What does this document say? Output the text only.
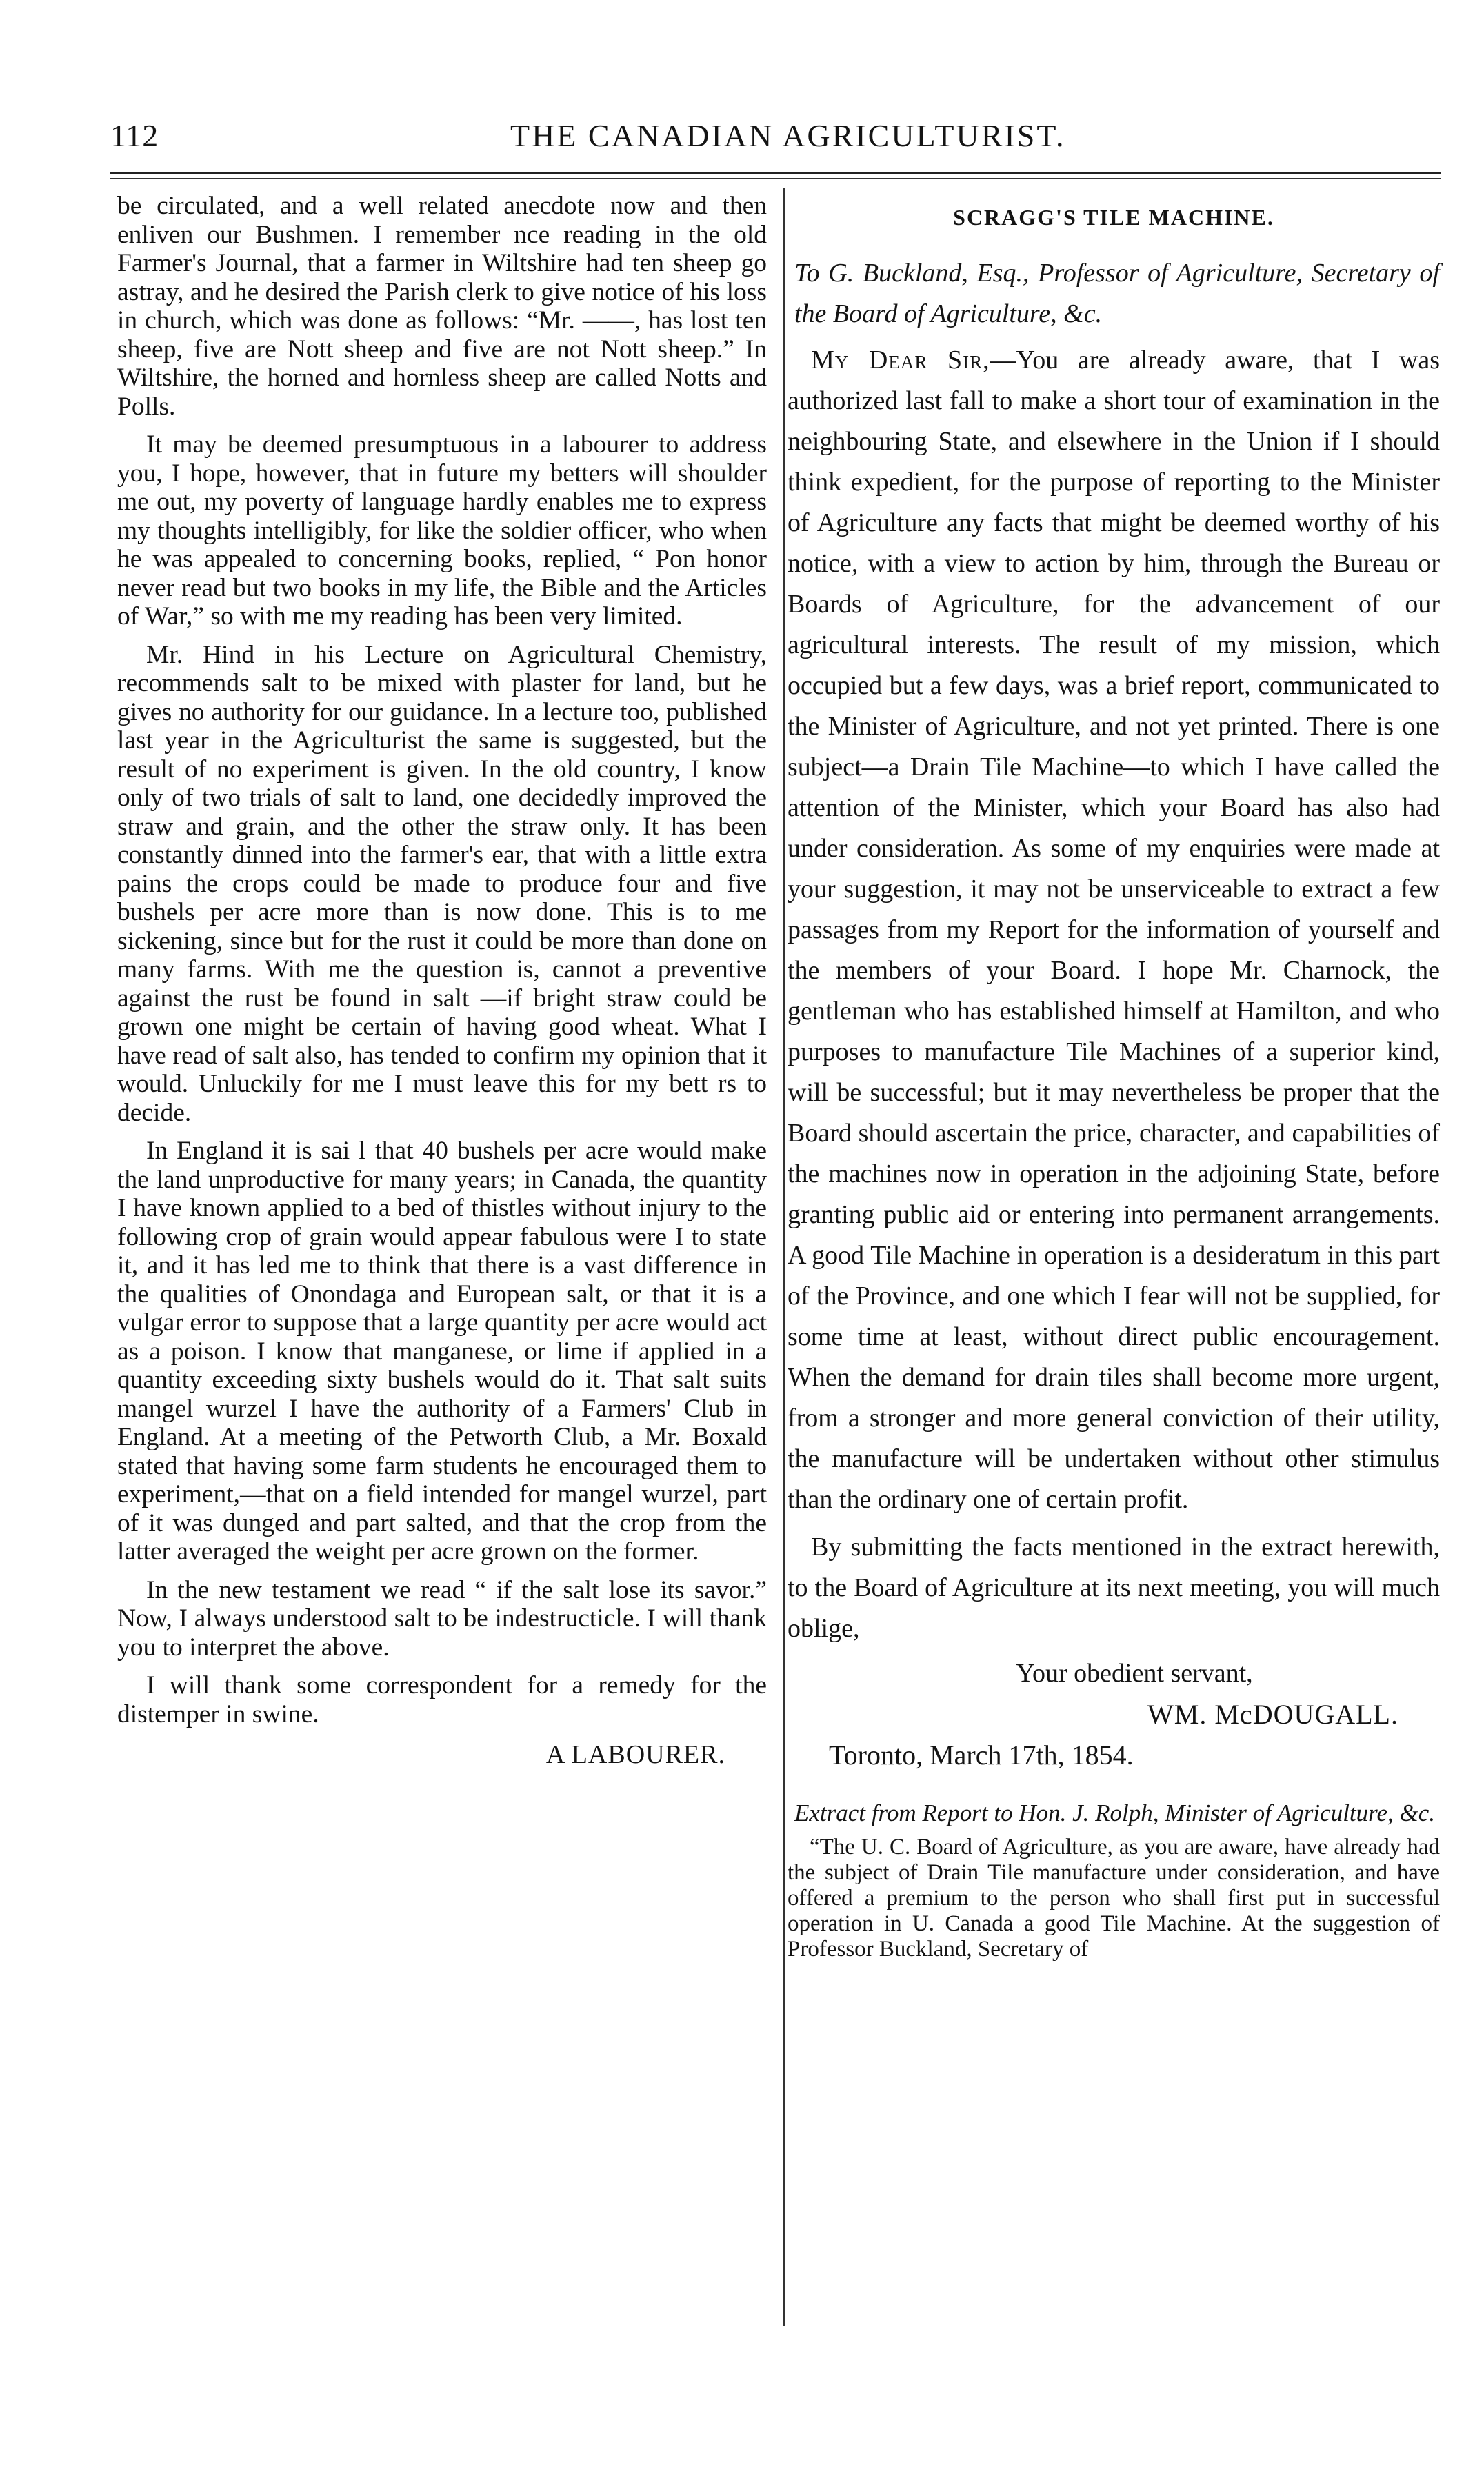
112	THE CANADIAN AGRICULTURIST.

be circulated, and a well related anecdote now and then enliven our Bushmen. I remember nce reading in the old Farmer's Journal, that a farmer in Wiltshire had ten sheep go astray, and he desired the Parish clerk to give notice of his loss in church, which was done as follows: “Mr. ——, has lost ten sheep, five are Nott sheep and five are not Nott sheep.” In Wiltshire, the horned and hornless sheep are called Notts and Polls.

It may be deemed presumptuous in a labourer to address you, I hope, however, that in future my betters will shoulder me out, my poverty of language hardly enables me to express my thoughts intelligibly, for like the soldier officer, who when he was appealed to concerning books, replied, “ Pon honor never read but two books in my life, the Bible and the Articles of War,” so with me my reading has been very limited.

Mr. Hind in his Lecture on Agricultural Chemistry, recommends salt to be mixed with plaster for land, but he gives no authority for our guidance. In a lecture too, published last year in the Agriculturist the same is suggested, but the result of no experiment is given. In the old country, I know only of two trials of salt to land, one decidedly improved the straw and grain, and the other the straw only. It has been constantly dinned into the farmer's ear, that with a little extra pains the crops could be made to produce four and five bushels per acre more than is now done. This is to me sickening, since but for the rust it could be more than done on many farms. With me the question is, cannot a preventive against the rust be found in salt —if bright straw could be grown one might be certain of having good wheat. What I have read of salt also, has tended to confirm my opinion that it would. Unluckily for me I must leave this for my bett rs to decide.

In England it is sai l that 40 bushels per acre would make the land unproductive for many years; in Canada, the quantity I have known applied to a bed of thistles without injury to the following crop of grain would appear fabulous were I to state it, and it has led me to think that there is a vast difference in the qualities of Onondaga and European salt, or that it is a vulgar error to suppose that a large quantity per acre would act as a poison. I know that manganese, or lime if applied in a quantity exceeding sixty bushels would do it. That salt suits mangel wurzel I have the authority of a Farmers' Club in England. At a meeting of the Petworth Club, a Mr. Boxald stated that having some farm students he encouraged them to experiment,—that on a field intended for mangel wurzel, part of it was dunged and part salted, and that the crop from the latter averaged the weight per acre grown on the former.

In the new testament we read “ if the salt lose its savor.” Now, I always understood salt to be indestructicle. I will thank you to interpret the above.

I will thank some correspondent for a remedy for the distemper in swine.

A LABOURER.
SCRAGG'S TILE MACHINE.

To G. Buckland, Esq., Professor of Agriculture, Secretary of the Board of Agriculture, &c.

My Dear Sir,—You are already aware, that I was authorized last fall to make a short tour of examination in the neighbouring State, and elsewhere in the Union if I should think expedient, for the purpose of reporting to the Minister of Agriculture any facts that might be deemed worthy of his notice, with a view to action by him, through the Bureau or Boards of Agriculture, for the advancement of our agricultural interests. The result of my mission, which occupied but a few days, was a brief report, communicated to the Minister of Agriculture, and not yet printed. There is one subject—a Drain Tile Machine—to which I have called the attention of the Minister, which your Board has also had under consideration. As some of my enquiries were made at your suggestion, it may not be unserviceable to extract a few passages from my Report for the information of yourself and the members of your Board. I hope Mr. Charnock, the gentleman who has established himself at Hamilton, and who purposes to manufacture Tile Machines of a superior kind, will be successful; but it may nevertheless be proper that the Board should ascertain the price, character, and capabilities of the machines now in operation in the adjoining State, before granting public aid or entering into permanent arrangements. A good Tile Machine in operation is a desideratum in this part of the Province, and one which I fear will not be supplied, for some time at least, without direct public encouragement. When the demand for drain tiles shall become more urgent, from a stronger and more general conviction of their utility, the manufacture will be undertaken without other stimulus than the ordinary one of certain profit.

By submitting the facts mentioned in the extract herewith, to the Board of Agriculture at its next meeting, you will much oblige,

Your obedient servant,
WM. McDOUGALL.
Toronto, March 17th, 1854.

Extract from Report to Hon. J. Rolph, Minister of Agriculture, &c.

“The U. C. Board of Agriculture, as you are aware, have already had the subject of Drain Tile manufacture under consideration, and have offered a premium to the person who shall first put in successful operation in U. Canada a good Tile Machine. At the suggestion of Professor Buckland, Secretary of
